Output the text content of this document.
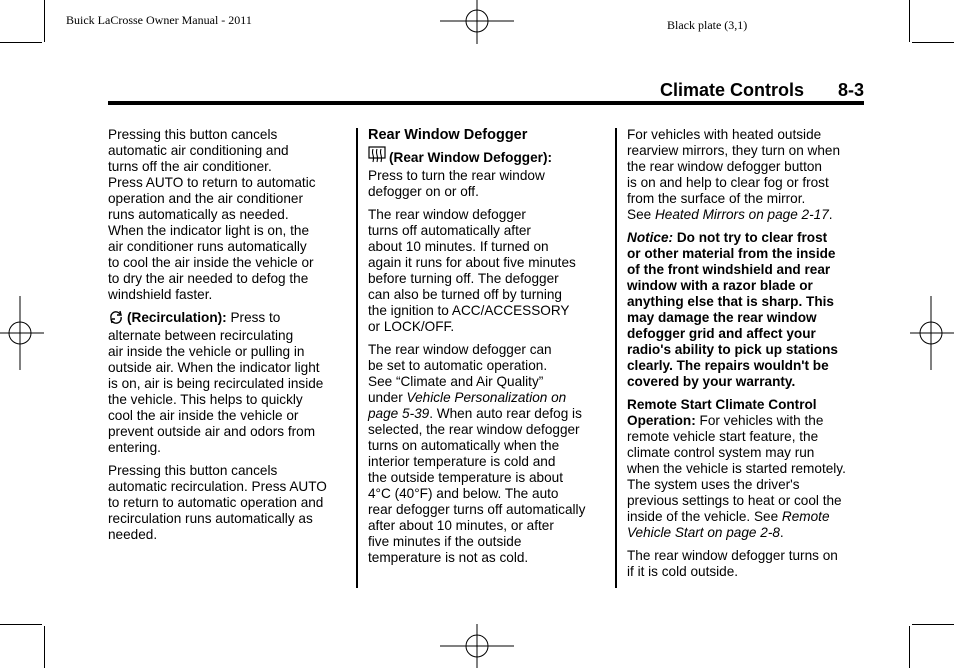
Buick LaCrosse Owner Manual - 2011	Black plate (3,1)
Climate Controls 8-3

Pressing this button cancels
automatic air conditioning and
turns off the air conditioner.
Press AUTO to return to automatic
operation and the air conditioner
runs automatically as needed.
When the indicator light is on, the
air conditioner runs automatically
to cool the air inside the vehicle or
to dry the air needed to defog the
windshield faster.

(Recirculation): Press to
alternate between recirculating
air inside the vehicle or pulling in
outside air. When the indicator light
is on, air is being recirculated inside
the vehicle. This helps to quickly
cool the air inside the vehicle or
prevent outside air and odors from
entering.

Pressing this button cancels
automatic recirculation. Press AUTO
to return to automatic operation and
recirculation runs automatically as
needed.

Rear Window Defogger

(Rear Window Defogger):
Press to turn the rear window
defogger on or off.

The rear window defogger
turns off automatically after
about 10 minutes. If turned on
again it runs for about five minutes
before turning off. The defogger
can also be turned off by turning
the ignition to ACC/ACCESSORY
or LOCK/OFF.

The rear window defogger can
be set to automatic operation.
See “Climate and Air Quality”
under Vehicle Personalization on
page 5-39. When auto rear defog is
selected, the rear window defogger
turns on automatically when the
interior temperature is cold and
the outside temperature is about
4°C (40°F) and below. The auto
rear defogger turns off automatically
after about 10 minutes, or after
five minutes if the outside
temperature is not as cold.

For vehicles with heated outside
rearview mirrors, they turn on when
the rear window defogger button
is on and help to clear fog or frost
from the surface of the mirror.
See Heated Mirrors on page 2-17.

Notice: Do not try to clear frost
or other material from the inside
of the front windshield and rear
window with a razor blade or
anything else that is sharp. This
may damage the rear window
defogger grid and affect your
radio's ability to pick up stations
clearly. The repairs wouldn't be
covered by your warranty.

Remote Start Climate Control
Operation: For vehicles with the
remote vehicle start feature, the
climate control system may run
when the vehicle is started remotely.
The system uses the driver's
previous settings to heat or cool the
inside of the vehicle. See Remote
Vehicle Start on page 2-8.

The rear window defogger turns on
if it is cold outside.
